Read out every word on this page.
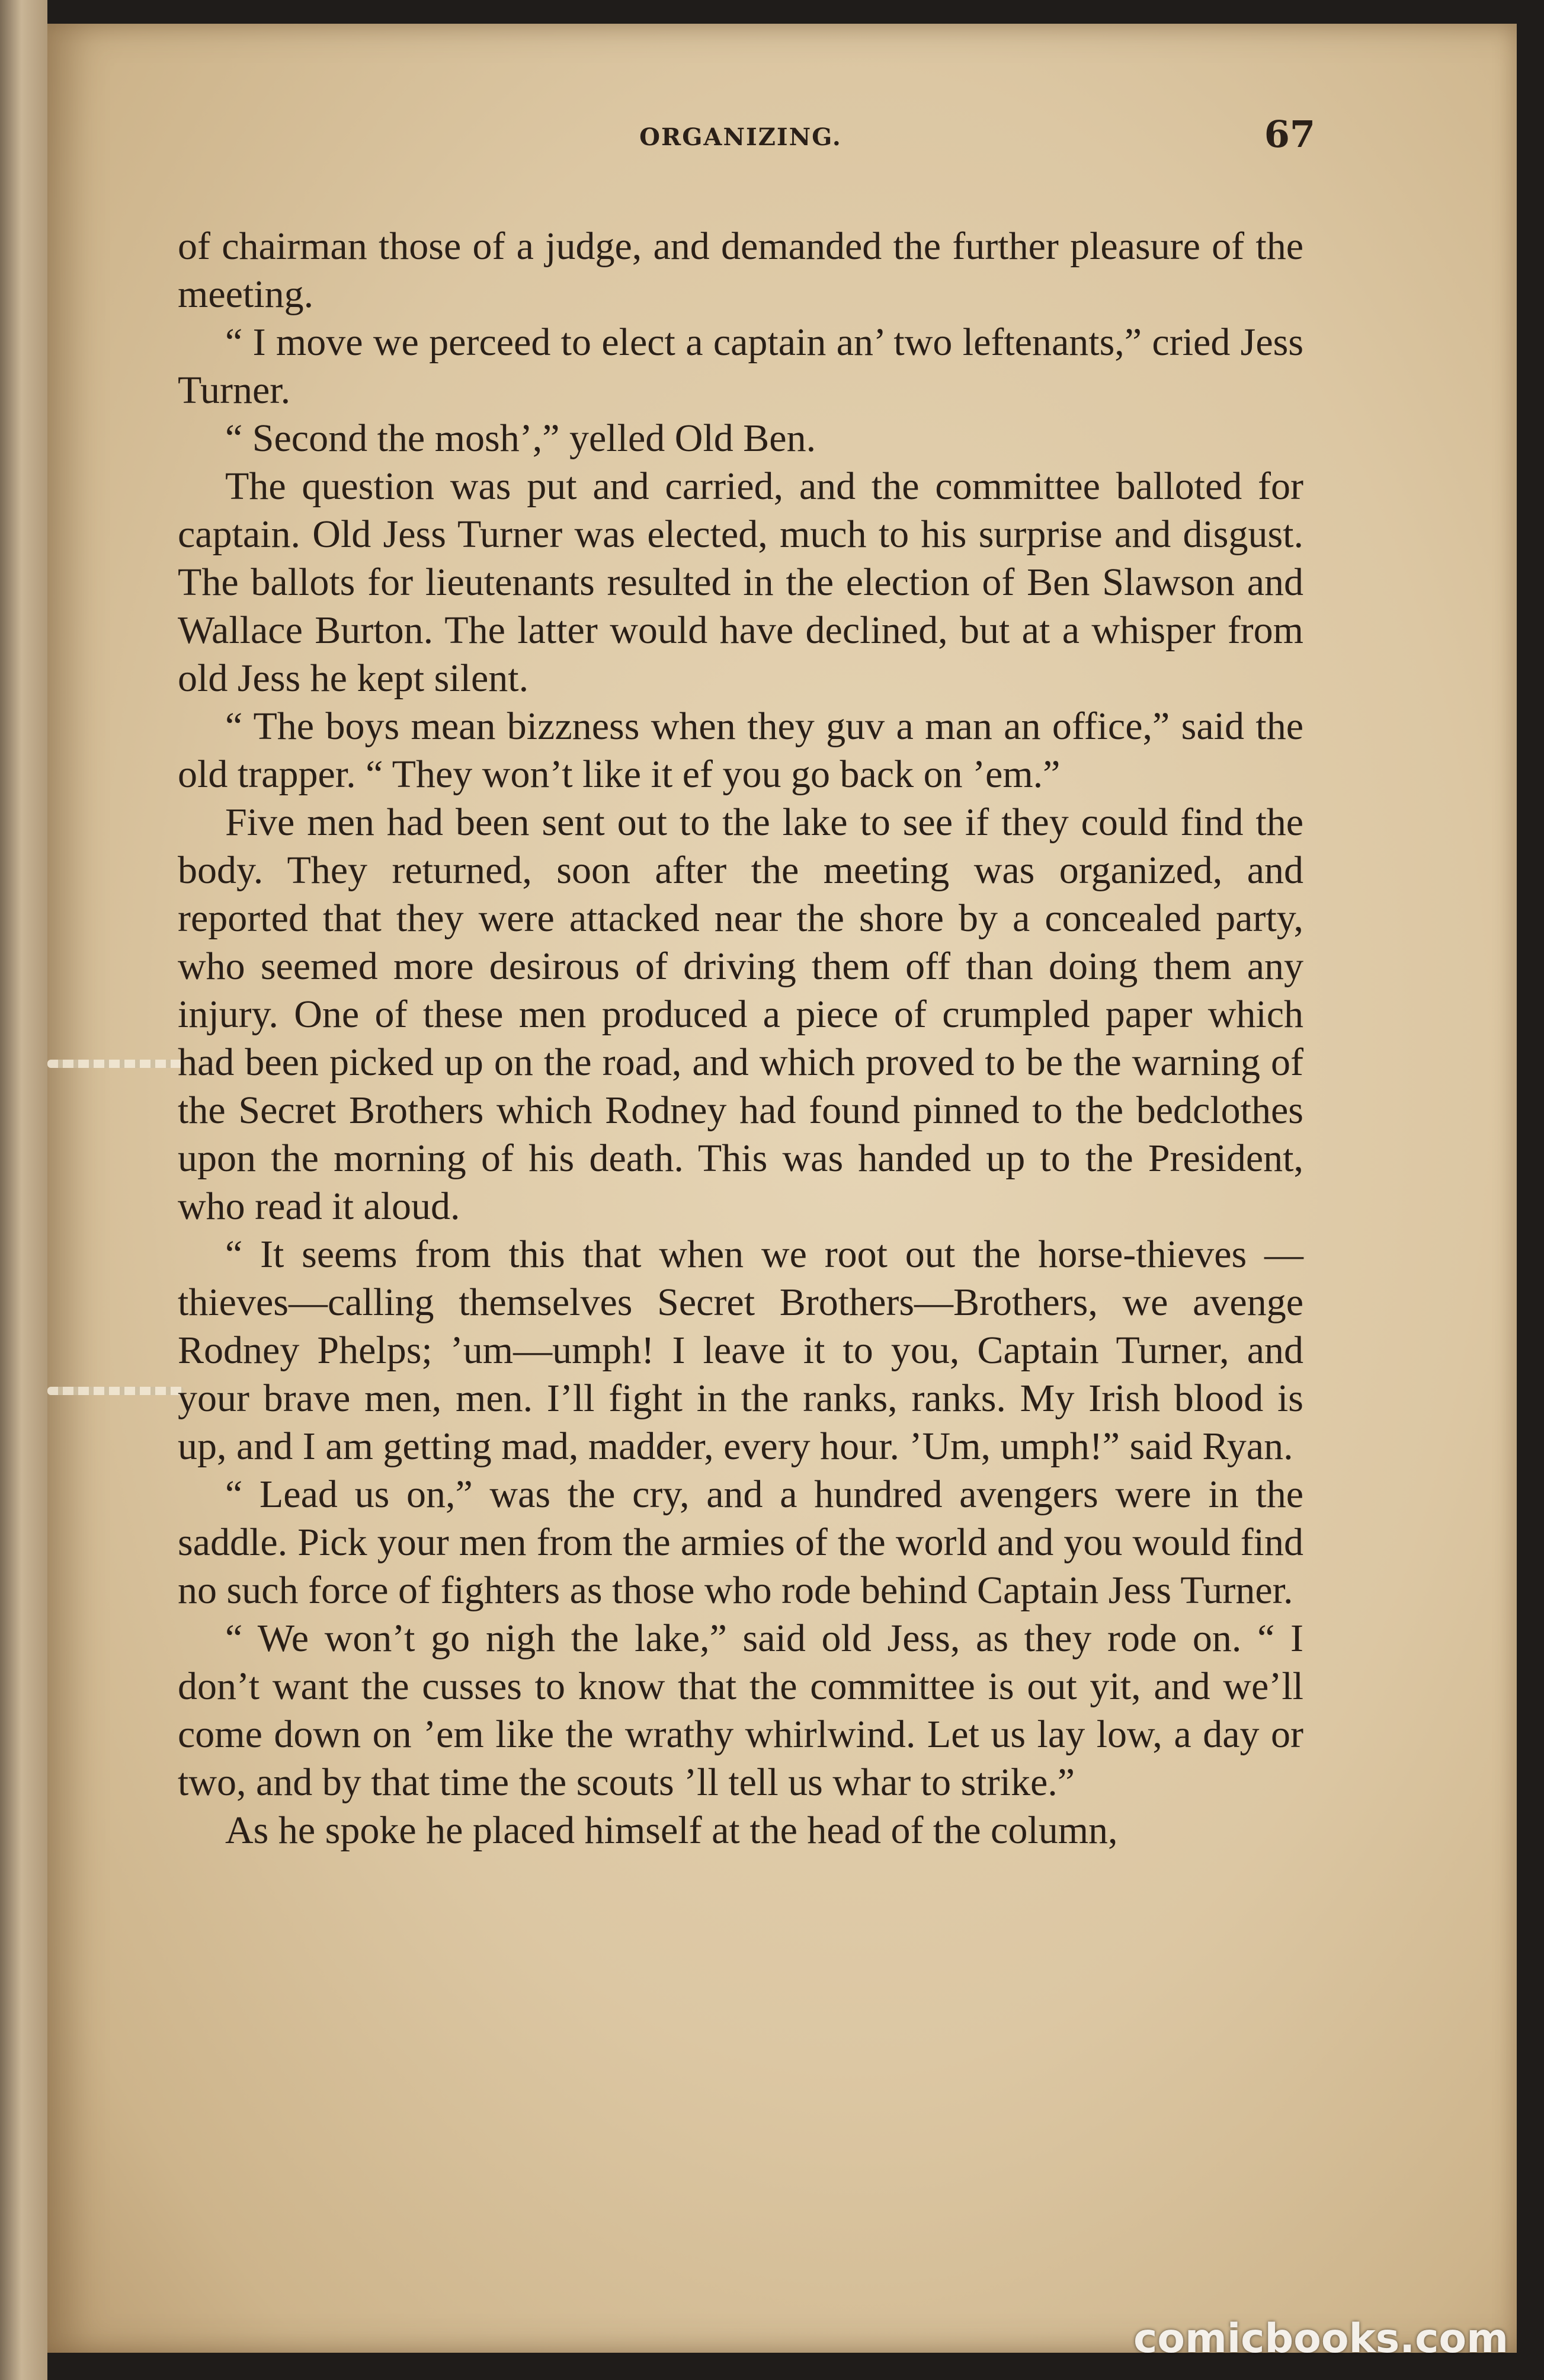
ORGANIZING.	67

of chairman those of a judge, and demanded the further pleasure of the meeting.

“ I move we perceed to elect a captain an’ two leftenants,” cried Jess Turner.

“ Second the mosh’,” yelled Old Ben.

The question was put and carried, and the committee balloted for captain. Old Jess Turner was elected, much to his surprise and disgust. The ballots for lieutenants resulted in the election of Ben Slawson and Wallace Burton. The latter would have declined, but at a whisper from old Jess he kept silent.

“ The boys mean bizzness when they guv a man an office,” said the old trapper. “ They won’t like it ef you go back on ’em.”

Five men had been sent out to the lake to see if they could find the body. They returned, soon after the meeting was organized, and reported that they were attacked near the shore by a concealed party, who seemed more desirous of driving them off than doing them any injury. One of these men produced a piece of crumpled paper which had been picked up on the road, and which proved to be the warning of the Secret Brothers which Rodney had found pinned to the bedclothes upon the morning of his death. This was handed up to the President, who read it aloud.

“ It seems from this that when we root out the horse-thieves —thieves—calling themselves Secret Brothers—Brothers, we avenge Rodney Phelps; ’um—umph! I leave it to you, Captain Turner, and your brave men, men. I’ll fight in the ranks, ranks. My Irish blood is up, and I am getting mad, madder, every hour. ’Um, umph!” said Ryan.

“ Lead us on,” was the cry, and a hundred avengers were in the saddle. Pick your men from the armies of the world and you would find no such force of fighters as those who rode behind Captain Jess Turner.

“ We won’t go nigh the lake,” said old Jess, as they rode on. “ I don’t want the cusses to know that the committee is out yit, and we’ll come down on ’em like the wrathy whirlwind. Let us lay low, a day or two, and by that time the scouts ’ll tell us whar to strike.”

As he spoke he placed himself at the head of the column,

comicbooks.com
